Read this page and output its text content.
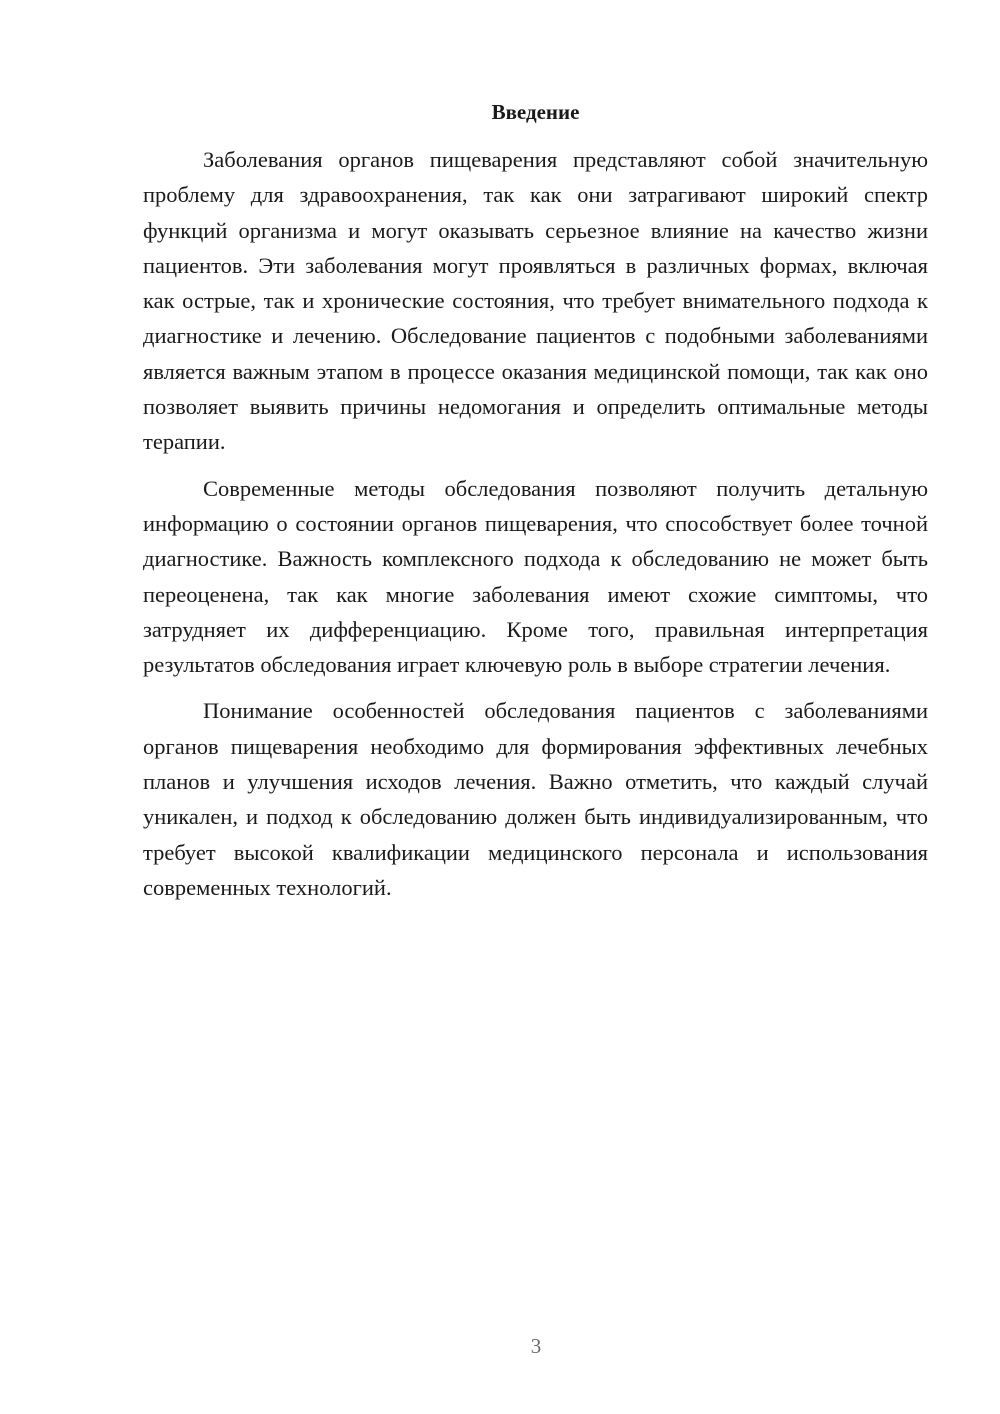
Введение

Заболевания органов пищеварения представляют собой значительную проблему для здравоохранения, так как они затрагивают широкий спектр функций организма и могут оказывать серьезное влияние на качество жизни пациентов. Эти заболевания могут проявляться в различных формах, включая как острые, так и хронические состояния, что требует внимательного подхода к диагностике и лечению. Обследование пациентов с подобными заболеваниями является важным этапом в процессе оказания медицинской помощи, так как оно позволяет выявить причины недомогания и определить оптимальные методы терапии.

Современные методы обследования позволяют получить детальную информацию о состоянии органов пищеварения, что способствует более точной диагностике. Важность комплексного подхода к обследованию не может быть переоценена, так как многие заболевания имеют схожие симптомы, что затрудняет их дифференциацию. Кроме того, правильная интерпретация результатов обследования играет ключевую роль в выборе стратегии лечения.

Понимание особенностей обследования пациентов с заболеваниями органов пищеварения необходимо для формирования эффективных лечебных планов и улучшения исходов лечения. Важно отметить, что каждый случай уникален, и подход к обследованию должен быть индивидуализированным, что требует высокой квалификации медицинского персонала и использования современных технологий.

3
